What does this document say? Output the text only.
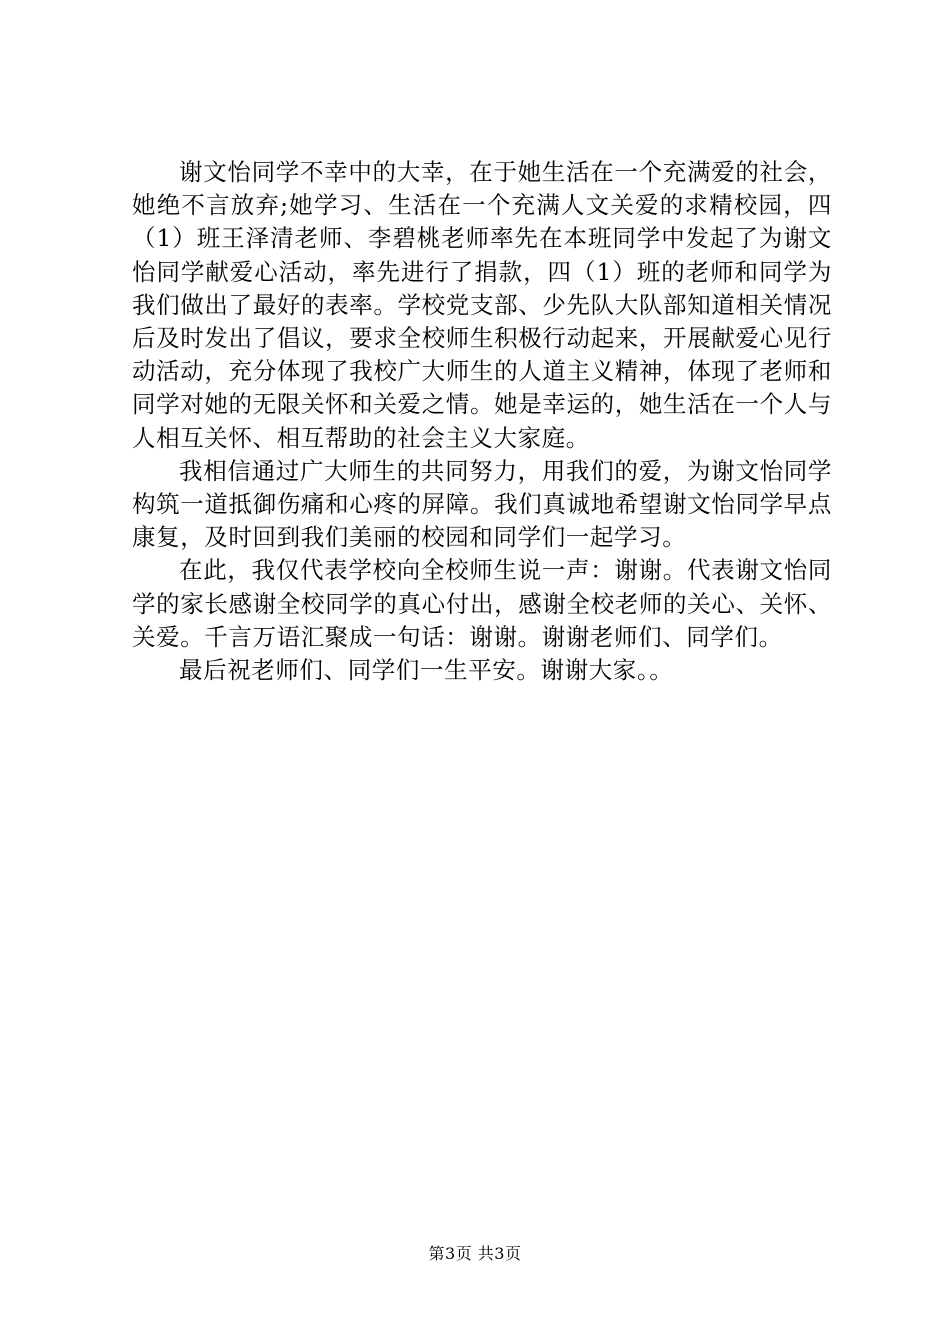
谢文怡同学不幸中的大幸，在于她生活在一个充满爱的社会，她绝不言放弃;她学习、生活在一个充满人文关爱的求精校园，四（1）班王泽清老师、李碧桃老师率先在本班同学中发起了为谢文怡同学献爱心活动，率先进行了捐款，四（1）班的老师和同学为我们做出了最好的表率。学校党支部、少先队大队部知道相关情况后及时发出了倡议，要求全校师生积极行动起来，开展献爱心见行动活动，充分体现了我校广大师生的人道主义精神，体现了老师和同学对她的无限关怀和关爱之情。她是幸运的，她生活在一个人与人相互关怀、相互帮助的社会主义大家庭。

我相信通过广大师生的共同努力，用我们的爱，为谢文怡同学构筑一道抵御伤痛和心疼的屏障。我们真诚地希望谢文怡同学早点康复，及时回到我们美丽的校园和同学们一起学习。

在此，我仅代表学校向全校师生说一声：谢谢。代表谢文怡同学的家长感谢全校同学的真心付出，感谢全校老师的关心、关怀、关爱。千言万语汇聚成一句话：谢谢。谢谢老师们、同学们。

最后祝老师们、同学们一生平安。谢谢大家。。

第3页 共3页
